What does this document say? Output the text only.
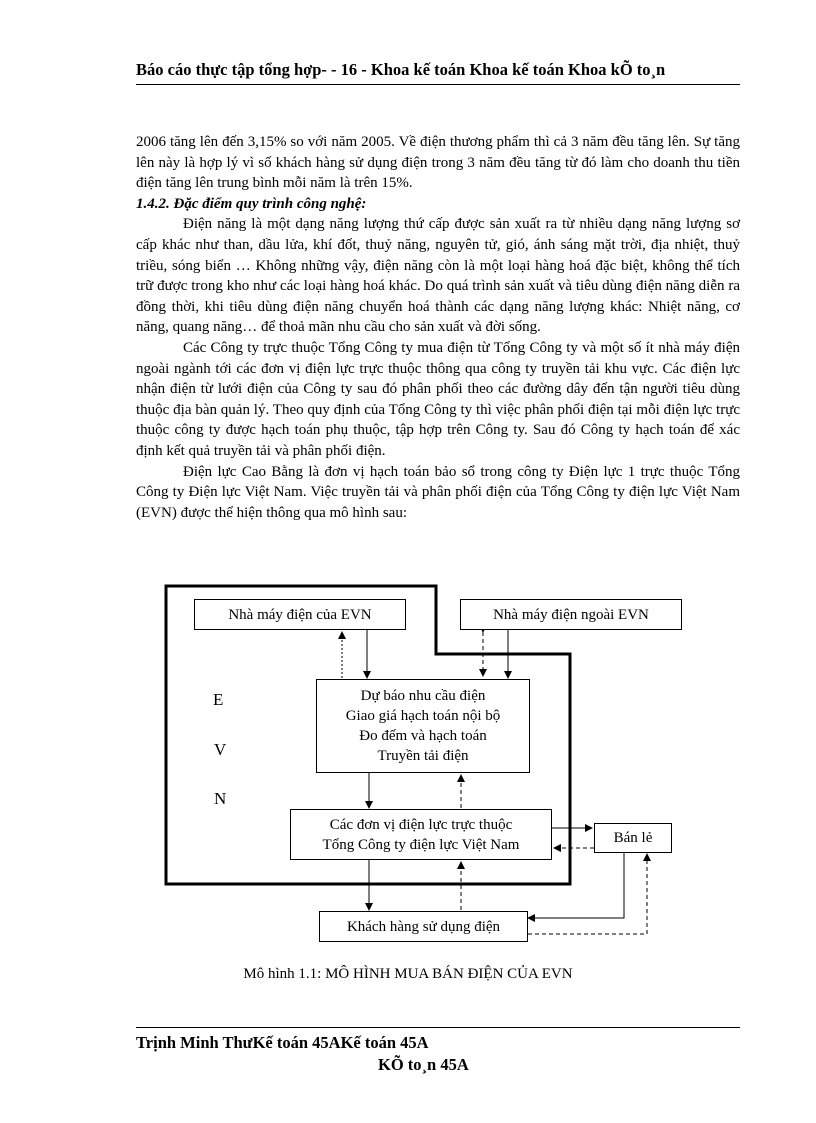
Báo cáo thực tập tổng hợp- - 16 - Khoa kế toán Khoa kế toán Khoa kÕ to¸n

2006 tăng lên đến 3,15% so với năm 2005. Về điện thương phẩm thì cả 3 năm đều tăng lên. Sự tăng lên này là hợp lý vì số khách hàng sử dụng điện trong 3 năm đều tăng từ đó làm cho doanh thu tiền điện tăng lên trung bình mỗi năm là trên 15%.

1.4.2. Đặc điểm quy trình công nghệ:

Điện năng là một dạng năng lượng thứ cấp được sản xuất ra từ nhiều dạng năng lượng sơ cấp khác như than, dầu lửa, khí đốt, thuỷ năng, nguyên tử, gió, ánh sáng mặt trời, địa nhiệt, thuỷ triều, sóng biển … Không những vậy, điện năng còn là một loại hàng hoá đặc biệt, không thể tích trữ được trong kho như các loại hàng hoá khác. Do quá trình sản xuất và tiêu dùng điện năng diễn ra đồng thời, khi tiêu dùng điện năng chuyển hoá thành các dạng năng lượng khác: Nhiệt năng, cơ năng, quang năng… để thoả mãn nhu cầu cho sản xuất và đời sống.

Các Công ty trực thuộc Tổng Công ty mua điện từ Tổng Công ty và một số ít nhà máy điện ngoài ngành tới các đơn vị điện lực trực thuộc thông qua công ty truyền tải khu vực. Các điện lực nhận điện từ lưới điện của Công ty sau đó phân phối theo các đường dây đến tận người tiêu dùng thuộc địa bàn quản lý. Theo quy định của Tổng Công ty thì việc phân phối điện tại mỗi điện lực trực thuộc công ty được hạch toán phụ thuộc, tập hợp trên Công ty. Sau đó Công ty hạch toán để xác định kết quả truyền tải và phân phối điện.

Điện lực Cao Bằng là đơn vị hạch toán bảo sổ trong công ty Điện lực 1 trực thuộc Tổng Công ty Điện lực Việt Nam. Việc truyền tải và phân phối điện của Tổng Công ty điện lực Việt Nam (EVN) được thể hiện thông qua mô hình sau:

E
V
N
Nhà máy điện của EVN	Nhà máy điện ngoài EVN
Dự báo nhu cầu điện
Giao giá hạch toán nội bộ
Đo đếm và hạch toán
Truyền tải điện
Các đơn vị điện lực trực thuộc
Tổng Công ty điện lực Việt Nam	Bán lẻ
Khách hàng sử dụng điện
Mô hình 1.1: MÔ HÌNH MUA BÁN ĐIỆN CỦA EVN
Trịnh Minh ThưKế toán 45AKế toán 45A
KÕ to¸n 45A
